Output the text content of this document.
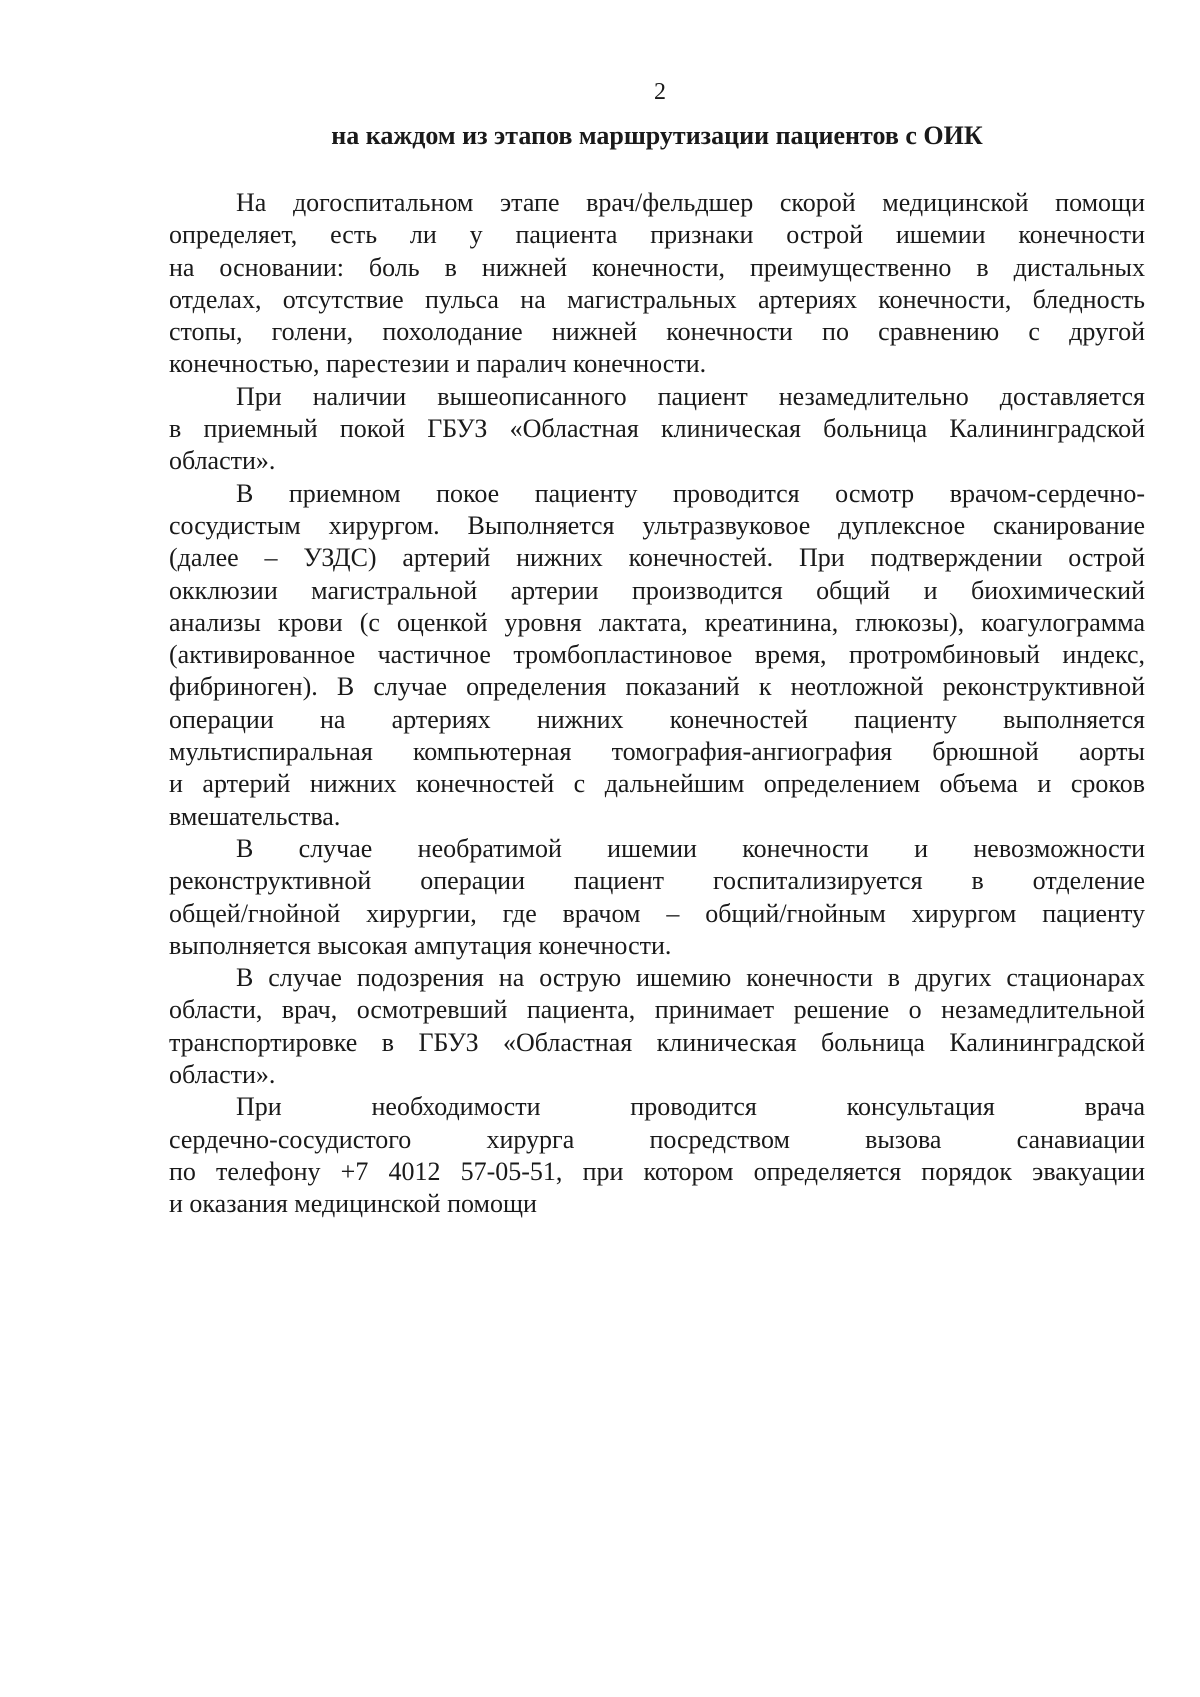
2
на каждом из этапов маршрутизации пациентов с ОИК
На догоспитальном этапе врач/фельдшер скорой медицинской помощи
определяет, есть ли у пациента признаки острой ишемии конечности
на основании: боль в нижней конечности, преимущественно в дистальных
отделах, отсутствие пульса на магистральных артериях конечности, бледность
стопы, голени, похолодание нижней конечности по сравнению с другой
конечностью, парестезии и паралич конечности.
При наличии вышеописанного пациент незамедлительно доставляется
в приемный покой ГБУЗ «Областная клиническая больница Калининградской
области».
В приемном покое пациенту проводится осмотр врачом-сердечно-
сосудистым хирургом. Выполняется ультразвуковое дуплексное сканирование
(далее – УЗДС) артерий нижних конечностей. При подтверждении острой
окклюзии магистральной артерии производится общий и биохимический
анализы крови (с оценкой уровня лактата, креатинина, глюкозы), коагулограмма
(активированное частичное тромбопластиновое время, протромбиновый индекс,
фибриноген). В случае определения показаний к неотложной реконструктивной
операции на артериях нижних конечностей пациенту выполняется
мультиспиральная компьютерная томография-ангиография брюшной аорты
и артерий нижних конечностей с дальнейшим определением объема и сроков
вмешательства.
В случае необратимой ишемии конечности и невозможности
реконструктивной операции пациент госпитализируется в отделение
общей/гнойной хирургии, где врачом – общий/гнойным хирургом пациенту
выполняется высокая ампутация конечности.
В случае подозрения на острую ишемию конечности в других стационарах
области, врач, осмотревший пациента, принимает решение о незамедлительной
транспортировке в ГБУЗ «Областная клиническая больница Калининградской
области».
При необходимости проводится консультация врача
сердечно-сосудистого хирурга посредством вызова санавиации
по телефону +7 4012 57-05-51, при котором определяется порядок эвакуации
и оказания медицинской помощи
